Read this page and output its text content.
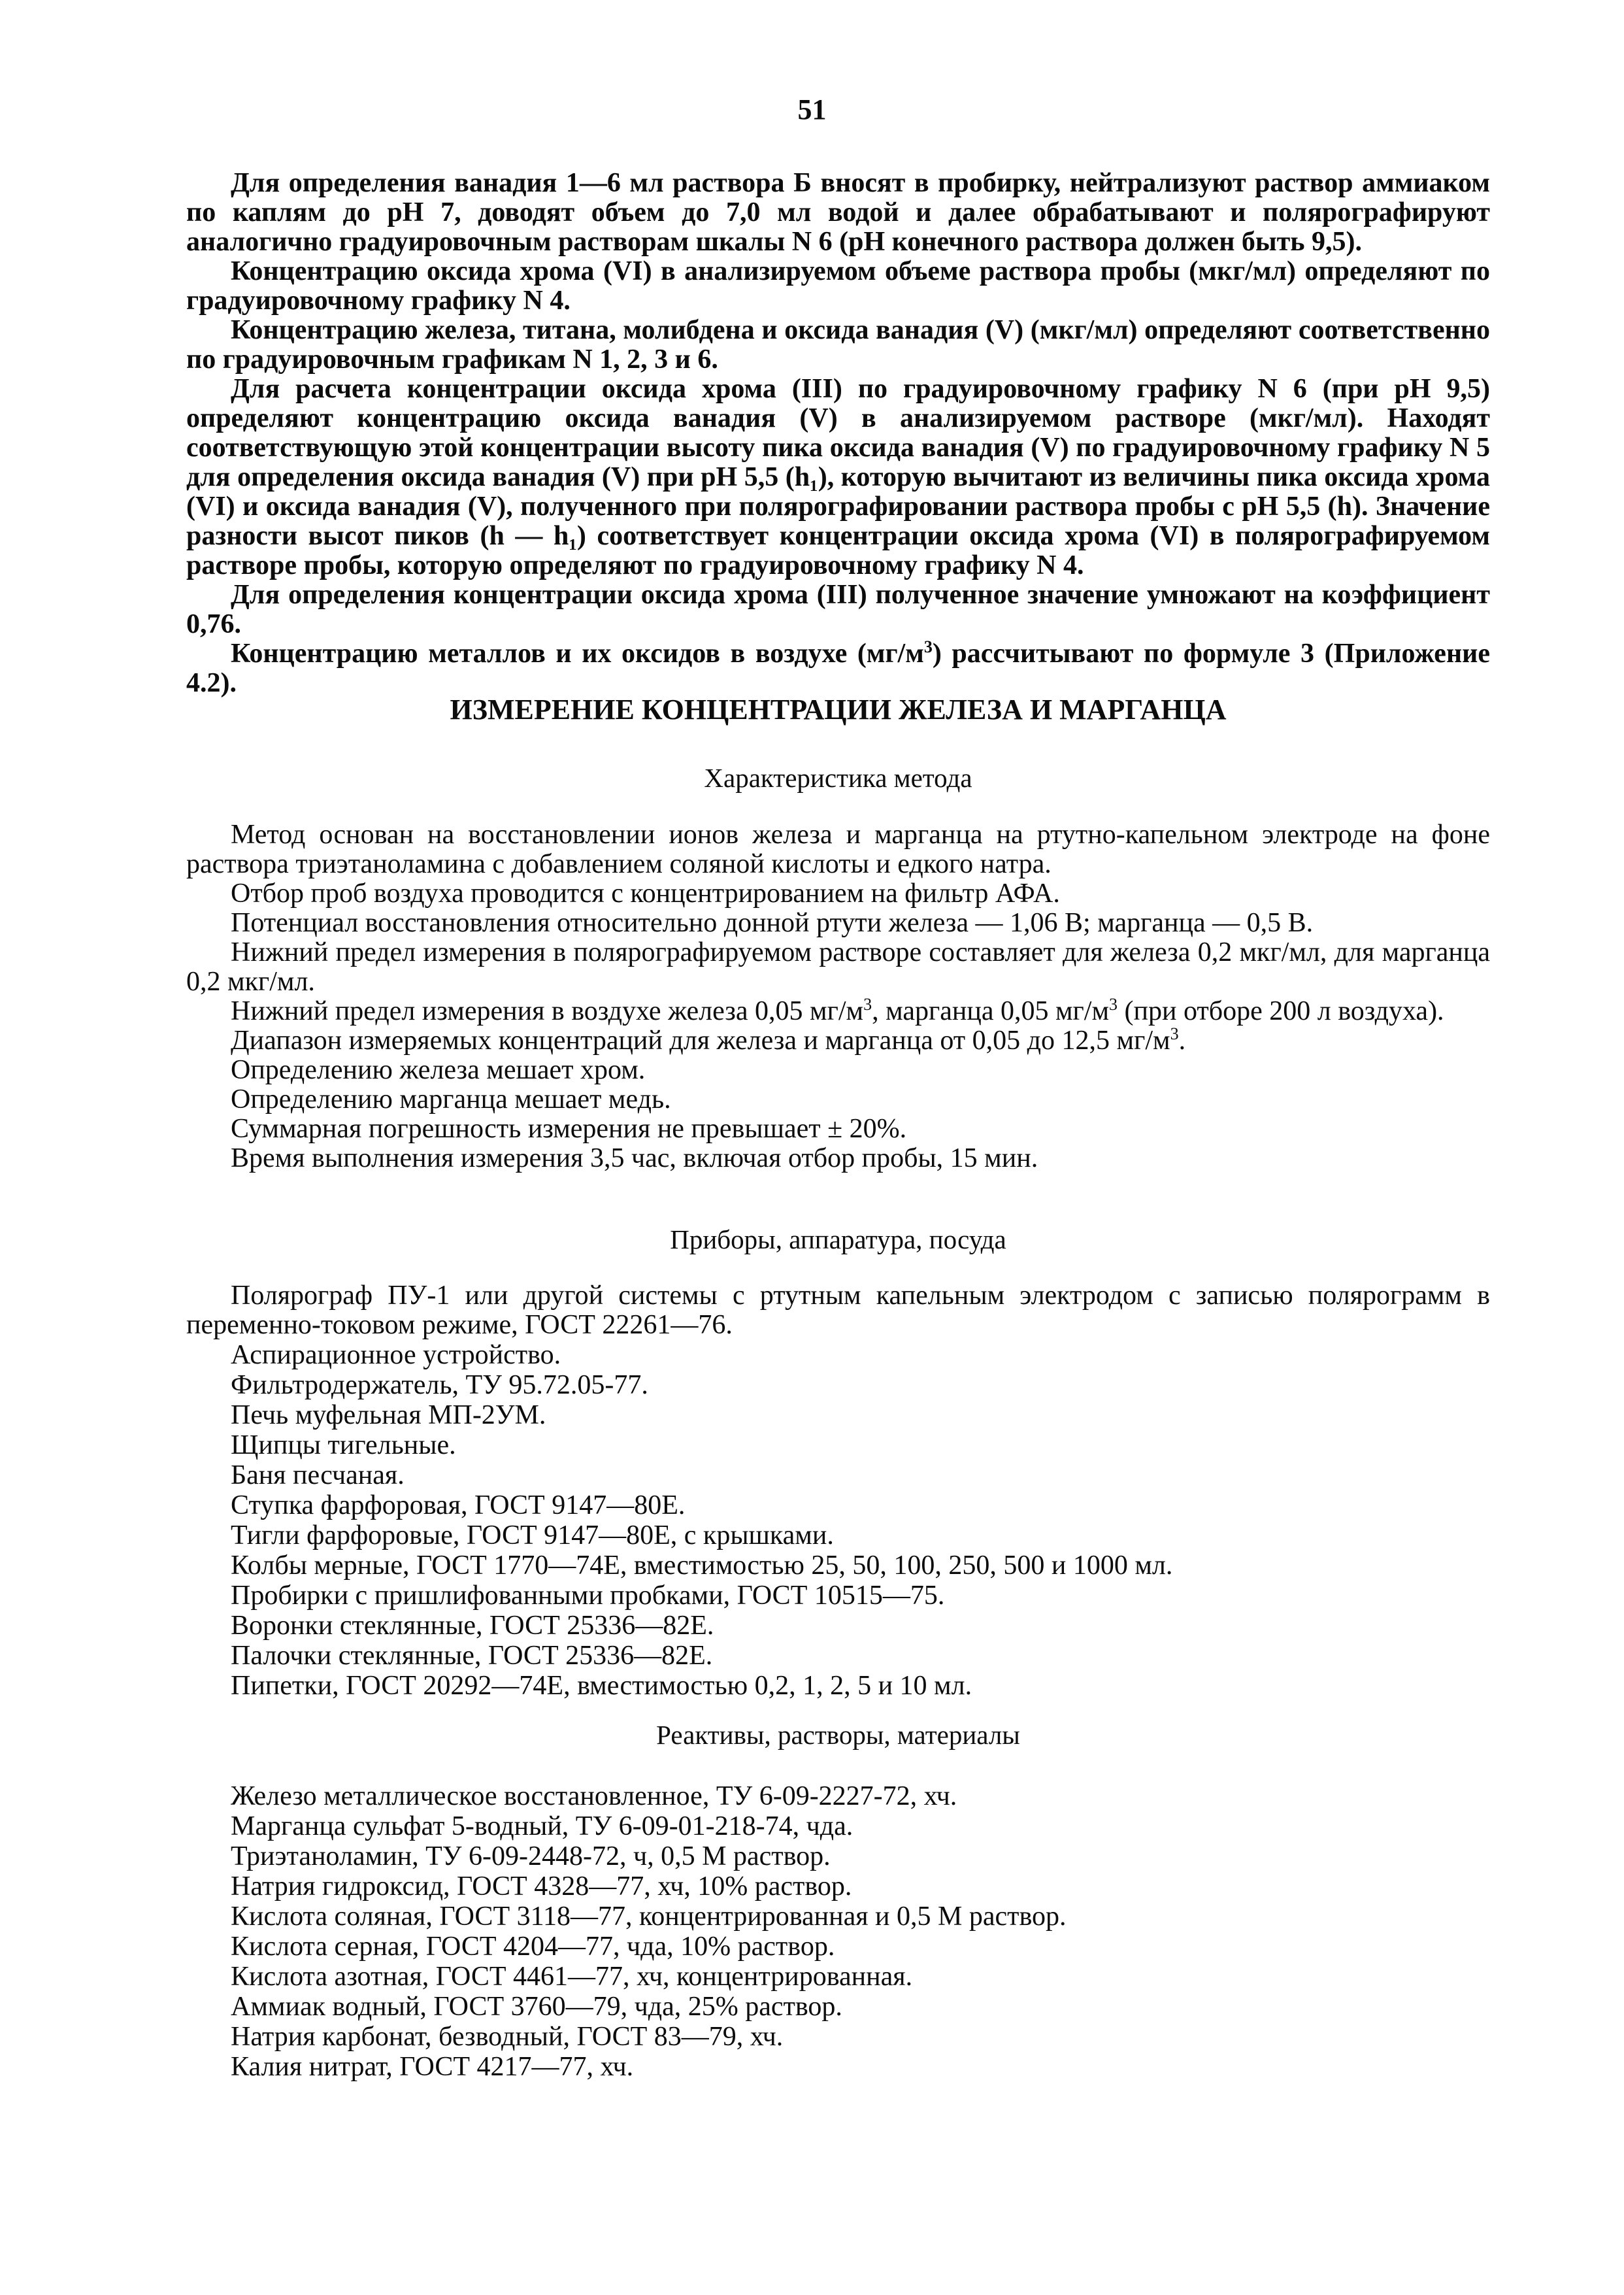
51

Для определения ванадия 1—6 мл раствора Б вносят в пробирку, нейтрализуют раствор аммиаком по каплям до pH 7, доводят объем до 7,0 мл водой и далее обрабатывают и полярографируют аналогично градуировочным растворам шкалы N 6 (pH конечного раствора должен быть 9,5).

Концентрацию оксида хрома (VI) в анализируемом объеме раствора пробы (мкг/мл) определяют по градуировочному графику N 4.

Концентрацию железа, титана, молибдена и оксида ванадия (V) (мкг/мл) определяют соответственно по градуировочным графикам N 1, 2, 3 и 6.

Для расчета концентрации оксида хрома (III) по градуировочному графику N 6 (при pH 9,5) определяют концентрацию оксида ванадия (V) в анализируемом растворе (мкг/мл). Находят соответствующую этой концентрации высоту пика оксида ванадия (V) по градуировочному графику N 5 для определения оксида ванадия (V) при pH 5,5 (h₁), которую вычитают из величины пика оксида хрома (VI) и оксида ванадия (V), полученного при полярографировании раствора пробы с pH 5,5 (h). Значение разности высот пиков (h — h₁) соответствует концентрации оксида хрома (VI) в полярографируемом растворе пробы, которую определяют по градуировочному графику N 4.

Для определения концентрации оксида хрома (III) полученное значение умножают на коэффициент 0,76.

Концентрацию металлов и их оксидов в воздухе $(мг/м^3)$ рассчитывают по формуле 3 (Приложение 4.2).

ИЗМЕРЕНИЕ КОНЦЕНТРАЦИИ ЖЕЛЕЗА И МАРГАНЦА
Характеристика метода

Метод основан на восстановлении ионов железа и марганца на ртутно-капельном электроде на фоне раствора триэтаноламина с добавлением соляной кислоты и едкого натра.

Отбор проб воздуха проводится с концентрированием на фильтр АФА.

Потенциал восстановления относительно донной ртути железа — 1,06 В; марганца — 0,5 В.

Нижний предел измерения в полярографируемом растворе составляет для железа 0,2 мкг/мл, для марганца 0,2 мкг/мл.

Нижний предел измерения в воздухе железа 0,05 $мг/м^3$, марганца 0,05 $мг/м^3$ (при отборе 200 л воздуха).

Диапазон измеряемых концентраций для железа и марганца от 0,05 до 12,5 $мг/м^3$.

Определению железа мешает хром.

Определению марганца мешает медь.

Суммарная погрешность измерения не превышает ± 20%.

Время выполнения измерения 3,5 час, включая отбор пробы, 15 мин.

Приборы, аппаратура, посуда

Полярограф ПУ-1 или другой системы с ртутным капельным электродом с записью полярограмм в переменно-токовом режиме, ГОСТ 22261—76.

Аспирационное устройство.
Фильтродержатель, ТУ 95.72.05-77.
Печь муфельная МП-2УМ.
Щипцы тигельные.
Баня песчаная.
Ступка фарфоровая, ГОСТ 9147—80Е.
Тигли фарфоровые, ГОСТ 9147—80Е, с крышками.
Колбы мерные, ГОСТ 1770—74Е, вместимостью 25, 50, 100, 250, 500 и 1000 мл.
Пробирки с пришлифованными пробками, ГОСТ 10515—75.
Воронки стеклянные, ГОСТ 25336—82Е.
Палочки стеклянные, ГОСТ 25336—82Е.
Пипетки, ГОСТ 20292—74Е, вместимостью 0,2, 1, 2, 5 и 10 мл.
Реактивы, растворы, материалы
Железо металлическое восстановленное, ТУ 6-09-2227-72, хч.
Марганца сульфат 5-водный, ТУ 6-09-01-218-74, чда.
Триэтаноламин, ТУ 6-09-2448-72, ч, 0,5 М раствор.
Натрия гидроксид, ГОСТ 4328—77, хч, 10% раствор.
Кислота соляная, ГОСТ 3118—77, концентрированная и 0,5 М раствор.
Кислота серная, ГОСТ 4204—77, чда, 10% раствор.
Кислота азотная, ГОСТ 4461—77, хч, концентрированная.
Аммиак водный, ГОСТ 3760—79, чда, 25% раствор.
Натрия карбонат, безводный, ГОСТ 83—79, хч.
Калия нитрат, ГОСТ 4217—77, хч.
